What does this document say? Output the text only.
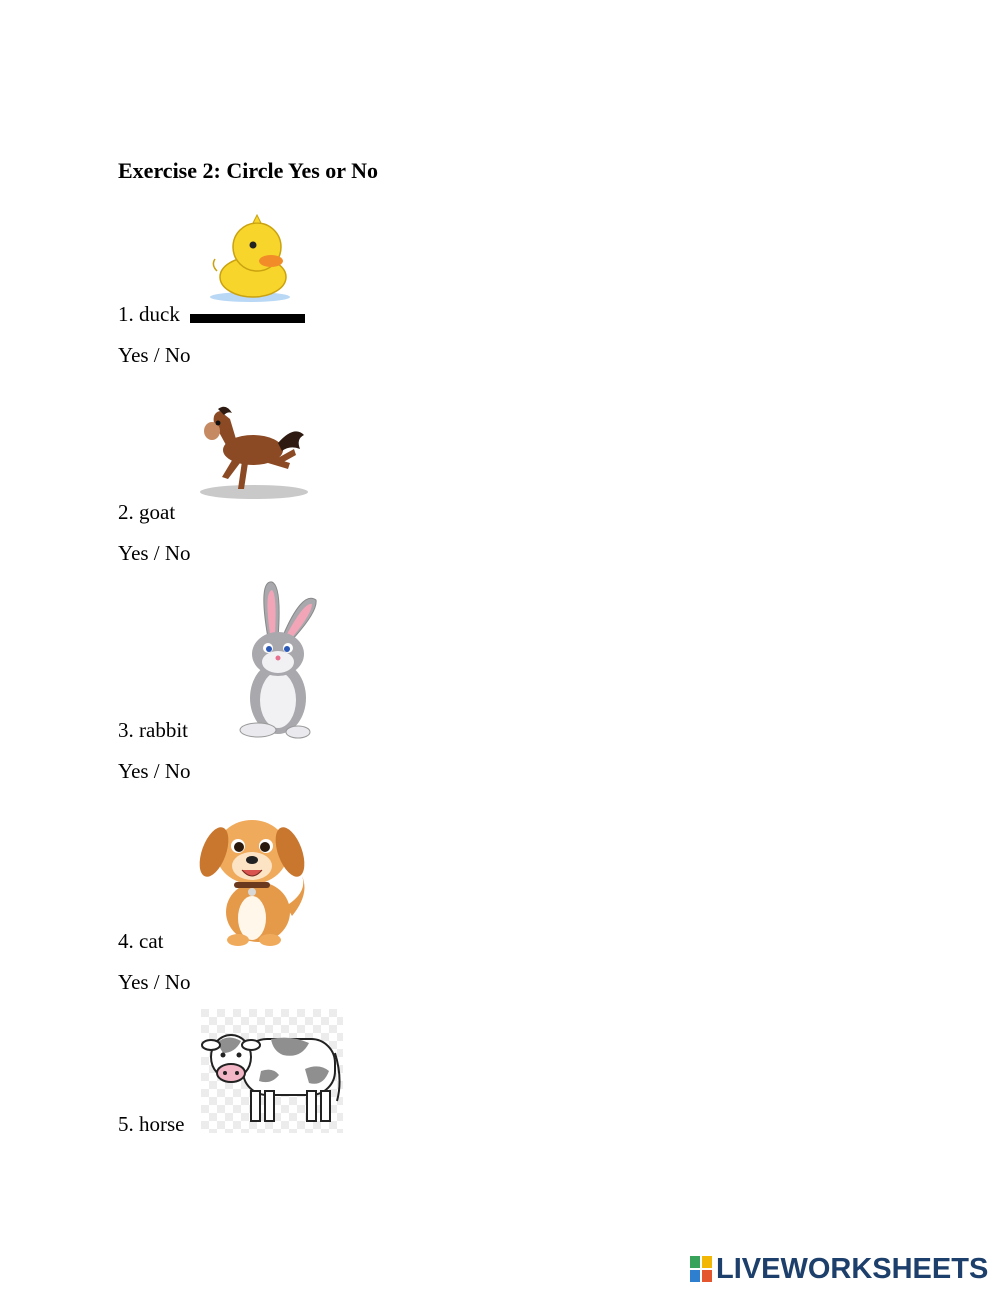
Exercise 2: Circle Yes or No
1. duck
Yes / No
2. goat
Yes / No
3. rabbit
Yes / No
4. cat
Yes / No
5. horse
LIVEWORKSHEETS
